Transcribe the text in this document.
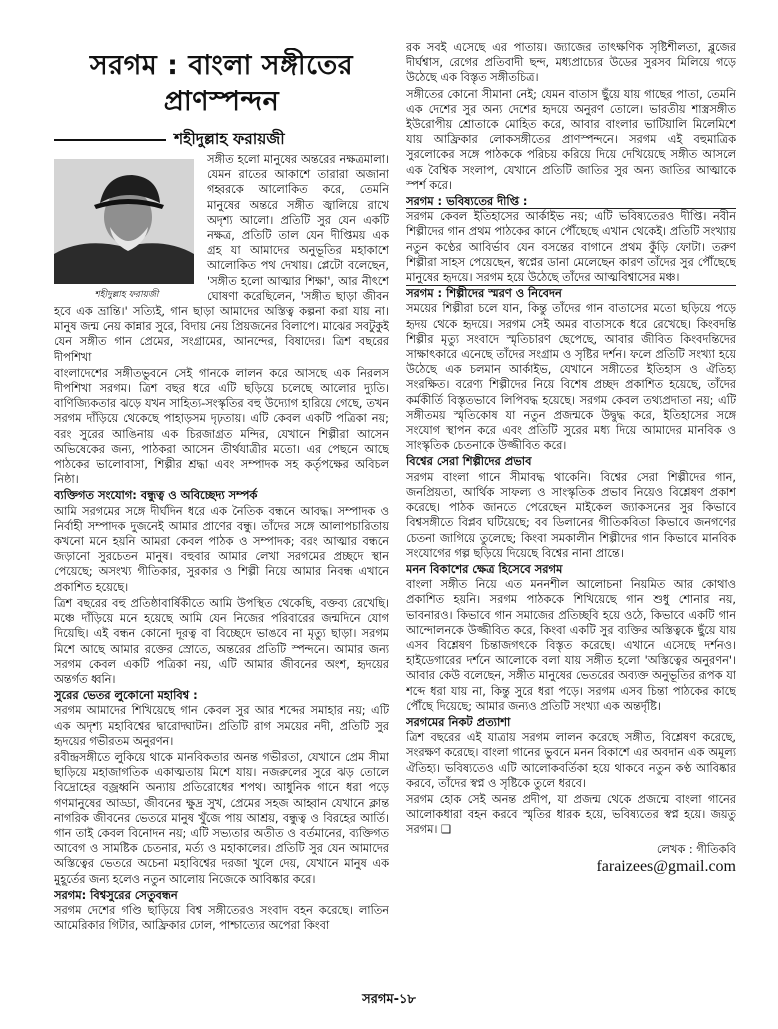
সরগম : বাংলা সঙ্গীতের
প্রাণস্পন্দন
শহীদুল্লাহ ফরায়জী
শহীদুল্লাহ ফরায়জী

সঙ্গীত হলো মানুষের অন্তরের নক্ষত্রমালা। যেমন রাতের আকাশে তারারা অজানা গহ্বরকে আলোকিত করে, তেমনি মানুষের অন্তরে সঙ্গীত জ্বালিয়ে রাখে অদৃশ্য আলো। প্রতিটি সুর যেন একটি নক্ষত্র, প্রতিটি তাল যেন দীপ্তিময় এক গ্রহ যা আমাদের অনুভূতির মহাকাশে আলোকিত পথ দেখায়। প্লেটো বলেছেন, 'সঙ্গীত হলো আত্মার শিক্ষা', আর নীৎশে ঘোষণা করেছিলেন, 'সঙ্গীত ছাড়া জীবন হবে এক ভ্রান্তি।' সত্যিই, গান ছাড়া আমাদের অস্তিত্ব কল্পনা করা যায় না। মানুষ জন্ম নেয় কান্নার সুরে, বিদায় নেয় প্রিয়জনের বিলাপে। মাঝের সবটুকুই যেন সঙ্গীত গান প্রেমের, সংগ্রামের, আনন্দের, বিষাদের। ত্রিশ বছরের দীপশিখা

বাংলাদেশের সঙ্গীতভুবনে সেই গানকে লালন করে আসছে এক নিরলস দীপশিখা সরগম। ত্রিশ বছর ধরে এটি ছড়িয়ে চলেছে আলোর দ্যুতি। বাণিজ্যিকতার ঝড়ে যখন সাহিত্য-সংস্কৃতির বহু উদ্যোগ হারিয়ে গেছে, তখন সরগম দাঁড়িয়ে থেকেছে পাহাড়সম দৃঢ়তায়। এটি কেবল একটি পত্রিকা নয়; বরং সুরের আঙিনায় এক চিরজাগ্রত মন্দির, যেখানে শিল্পীরা আসেন অভিষেকের জন্য, পাঠকরা আসেন তীর্থযাত্রীর মতো। এর পেছনে আছে পাঠকের ভালোবাসা, শিল্পীর শ্রদ্ধা এবং সম্পাদক সহ কর্তৃপক্ষের অবিচল নিষ্ঠা।

ব্যক্তিগত সংযোগ: বন্ধুত্ব ও অবিচ্ছেদ্য সম্পর্ক

আমি সরগমের সঙ্গে দীর্ঘদিন ধরে এক নৈতিক বন্ধনে আবদ্ধ। সম্পাদক ও নির্বাহী সম্পাদক দুজনেই আমার প্রাণের বন্ধু। তাঁদের সঙ্গে আলাপচারিতায় কখনো মনে হয়নি আমরা কেবল পাঠক ও সম্পাদক; বরং আত্মার বন্ধনে জড়ানো সুরচেতন মানুষ। বহুবার আমার লেখা সরগমের প্রচ্ছদে স্থান পেয়েছে; অসংখ্য গীতিকার, সুরকার ও শিল্পী নিয়ে আমার নিবন্ধ এখানে প্রকাশিত হয়েছে।

ত্রিশ বছরের বহু প্রতিষ্ঠাবার্ষিকীতে আমি উপস্থিত থেকেছি, বক্তব্য রেখেছি। মঞ্চে দাঁড়িয়ে মনে হয়েছে আমি যেন নিজের পরিবারের জন্মদিনে যোগ দিয়েছি। এই বন্ধন কোনো দূরত্ব বা বিচ্ছেদে ভাঙবে না মৃত্যু ছাড়া। সরগম মিশে আছে আমার রক্তের স্রোতে, অন্তরের প্রতিটি স্পন্দনে। আমার জন্য সরগম কেবল একটি পত্রিকা নয়, এটি আমার জীবনের অংশ, হৃদয়ের অন্তর্গত ধ্বনি।

সুরের ভেতর লুকোনো মহাবিশ্ব :

সরগম আমাদের শিখিয়েছে গান কেবল সুর আর শব্দের সমাহার নয়; এটি এক অদৃশ্য মহাবিশ্বের দ্বারোদ্ঘাটন। প্রতিটি রাগ সময়ের নদী, প্রতিটি সুর হৃদয়ের গভীরতম অনুরণন।

রবীন্দ্রসঙ্গীতে লুকিয়ে থাকে মানবিকতার অনন্ত গভীরতা, যেখানে প্রেম সীমা ছাড়িয়ে মহাজাগতিক একাত্মতায় মিশে যায়। নজরুলের সুরে ঝড় তোলে বিদ্রোহের বজ্রধ্বনি অন্যায় প্রতিরোধের শপথ। আধুনিক গানে ধরা পড়ে গণমানুষের আড্ডা, জীবনের ক্ষুদ্র সুখ, প্রেমের সহজ আহ্বান যেখানে ক্লান্ত নাগরিক জীবনের ভেতরে মানুষ খুঁজে পায় আশ্রয়, বন্ধুত্ব ও বিরহের আর্তি। গান তাই কেবল বিনোদন নয়; এটি সভ্যতার অতীত ও বর্তমানের, ব্যক্তিগত আবেগ ও সামষ্টিক চেতনার, মর্ত্য ও মহাকালের। প্রতিটি সুর যেন আমাদের অস্তিত্বের ভেতরে অচেনা মহাবিশ্বের দরজা খুলে দেয়, যেখানে মানুষ এক মুহূর্তের জন্য হলেও নতুন আলোয় নিজেকে আবিষ্কার করে।

সরগম: বিশ্বসুরের সেতুবন্ধন

সরগম দেশের গণ্ডি ছাড়িয়ে বিশ্ব সঙ্গীতেরও সংবাদ বহন করেছে। লাতিন আমেরিকার গিটার, আফ্রিকার ঢোল, পাশ্চাত্যের অপেরা কিংবা

রক সবই এসেছে এর পাতায়। জ্যাজের তাৎক্ষণিক সৃষ্টিশীলতা, ব্লুজের দীর্ঘশ্বাস, রেগের প্রতিবাদী ছন্দ, মধ্যপ্রাচ্যের উডের সুরসব মিলিয়ে গড়ে উঠেছে এক বিস্তৃত সঙ্গীতচিত্র।

সঙ্গীতের কোনো সীমানা নেই; যেমন বাতাস ছুঁয়ে যায় গাছের পাতা, তেমনি এক দেশের সুর অন্য দেশের হৃদয়ে অনুরণ তোলে। ভারতীয় শাস্ত্রসঙ্গীত ইউরোপীয় শ্রোতাকে মোহিত করে, আবার বাংলার ভাটিয়ালি মিলেমিশে যায় আফ্রিকার লোকসঙ্গীতের প্রাণস্পন্দনে। সরগম এই বহুমাত্রিক সুরলোকের সঙ্গে পাঠককে পরিচয় করিয়ে দিয়ে দেখিয়েছে সঙ্গীত আসলে এক বৈশ্বিক সংলাপ, যেখানে প্রতিটি জাতির সুর অন্য জাতির আত্মাকে স্পর্শ করে।

সরগম : ভবিষ্যতের দীপ্তি :

সরগম কেবল ইতিহাসের আর্কাইভ নয়; এটি ভবিষ্যতেরও দীপ্তি। নবীন শিল্পীদের গান প্রথম পাঠকের কানে পৌঁছেছে এখান থেকেই। প্রতিটি সংখ্যায় নতুন কণ্ঠের আবির্ভাব যেন বসন্তের বাগানে প্রথম কুঁড়ি ফোটা। তরুণ শিল্পীরা সাহস পেয়েছেন, স্বপ্নের ডানা মেলেছেন কারণ তাঁদের সুর পৌঁছেছে মানুষের হৃদয়ে। সরগম হয়ে উঠেছে তাঁদের আত্মবিশ্বাসের মঞ্চ।

সরগম : শিল্পীদের স্মরণ ও নিবেদন

সময়ের শিল্পীরা চলে যান, কিন্তু তাঁদের গান বাতাসের মতো ছড়িয়ে পড়ে হৃদয় থেকে হৃদয়ে। সরগম সেই অমর বাতাসকে ধরে রেখেছে। কিংবদন্তি শিল্পীর মৃত্যু সংবাদে স্মৃতিচারণ ছেপেছে, আবার জীবিত কিংবদন্তিদের সাক্ষাৎকারে এনেছে তাঁদের সংগ্রাম ও সৃষ্টির দর্শন। ফলে প্রতিটি সংখ্যা হয়ে উঠেছে এক চলমান আর্কাইভ, যেখানে সঙ্গীতের ইতিহাস ও ঐতিহ্য সংরক্ষিত। বরেণ্য শিল্পীদের নিয়ে বিশেষ প্রচ্ছদ প্রকাশিত হয়েছে, তাঁদের কর্মকীর্তি বিস্তৃতভাবে লিপিবদ্ধ হয়েছে। সরগম কেবল তথ্যপ্রদাতা নয়; এটি সঙ্গীতময় স্মৃতিকোষ যা নতুন প্রজন্মকে উদ্বুদ্ধ করে, ইতিহাসের সঙ্গে সংযোগ স্থাপন করে এবং প্রতিটি সুরের মধ্য দিয়ে আমাদের মানবিক ও সাংস্কৃতিক চেতনাকে উজ্জীবিত করে।

বিশ্বের সেরা শিল্পীদের প্রভাব

সরগম বাংলা গানে সীমাবদ্ধ থাকেনি। বিশ্বের সেরা শিল্পীদের গান, জনপ্রিয়তা, আর্থিক সাফল্য ও সাংস্কৃতিক প্রভাব নিয়েও বিশ্লেষণ প্রকাশ করেছে। পাঠক জানতে পেরেছেন মাইকেল জ্যাকসনের সুর কিভাবে বিশ্বসঙ্গীতে বিপ্লব ঘটিয়েছে; বব ডিলানের গীতিকবিতা কিভাবে জনগণের চেতনা জাগিয়ে তুলেছে; কিংবা সমকালীন শিল্পীদের গান কিভাবে মানবিক সংযোগের গল্প ছড়িয়ে দিয়েছে বিশ্বের নানা প্রান্তে।

মনন বিকাশের ক্ষেত্র হিসেবে সরগম

বাংলা সঙ্গীত নিয়ে এত মননশীল আলোচনা নিয়মিত আর কোথাও প্রকাশিত হয়নি। সরগম পাঠককে শিখিয়েছে গান শুধু শোনার নয়, ভাবনারও। কিভাবে গান সমাজের প্রতিচ্ছবি হয়ে ওঠে, কিভাবে একটি গান আন্দোলনকে উজ্জীবিত করে, কিংবা একটি সুর ব্যক্তির অস্তিত্বকে ছুঁয়ে যায় এসব বিশ্লেষণ চিন্তাজগৎকে বিস্তৃত করেছে। এখানে এসেছে দর্শনও। হাইডেগারের দর্শনে আলোকে বলা যায় সঙ্গীত হলো 'অস্তিত্বের অনুরণন'। আবার কেউ বলেছেন, সঙ্গীত মানুষের ভেতরের অব্যক্ত অনুভূতির রূপক যা শব্দে ধরা যায় না, কিন্তু সুরে ধরা পড়ে। সরগম এসব চিন্তা পাঠকের কাছে পৌঁছে দিয়েছে; আমার জন্যও প্রতিটি সংখ্যা এক অন্তর্দৃষ্টি।

সরগমের নিকট প্রত্যাশা

ত্রিশ বছরের এই যাত্রায় সরগম লালন করেছে সঙ্গীত, বিশ্লেষণ করেছে, সংরক্ষণ করেছে। বাংলা গানের ভুবনে মনন বিকাশে এর অবদান এক অমূল্য ঐতিহ্য। ভবিষ্যতেও এটি আলোকবর্তিকা হয়ে থাকবে নতুন কণ্ঠ আবিষ্কার করবে, তাঁদের স্বপ্ন ও সৃষ্টিকে তুলে ধরবে।

সরগম হোক সেই অনন্ত প্রদীপ, যা প্রজন্ম থেকে প্রজন্মে বাংলা গানের আলোকধারা বহন করবে স্মৃতির ধারক হয়ে, ভবিষ্যতের স্বপ্ন হয়ে। জয়তু সরগম। ❑

লেখক : গীতিকবি
faraizees@gmail.com
সরগম-১৮
